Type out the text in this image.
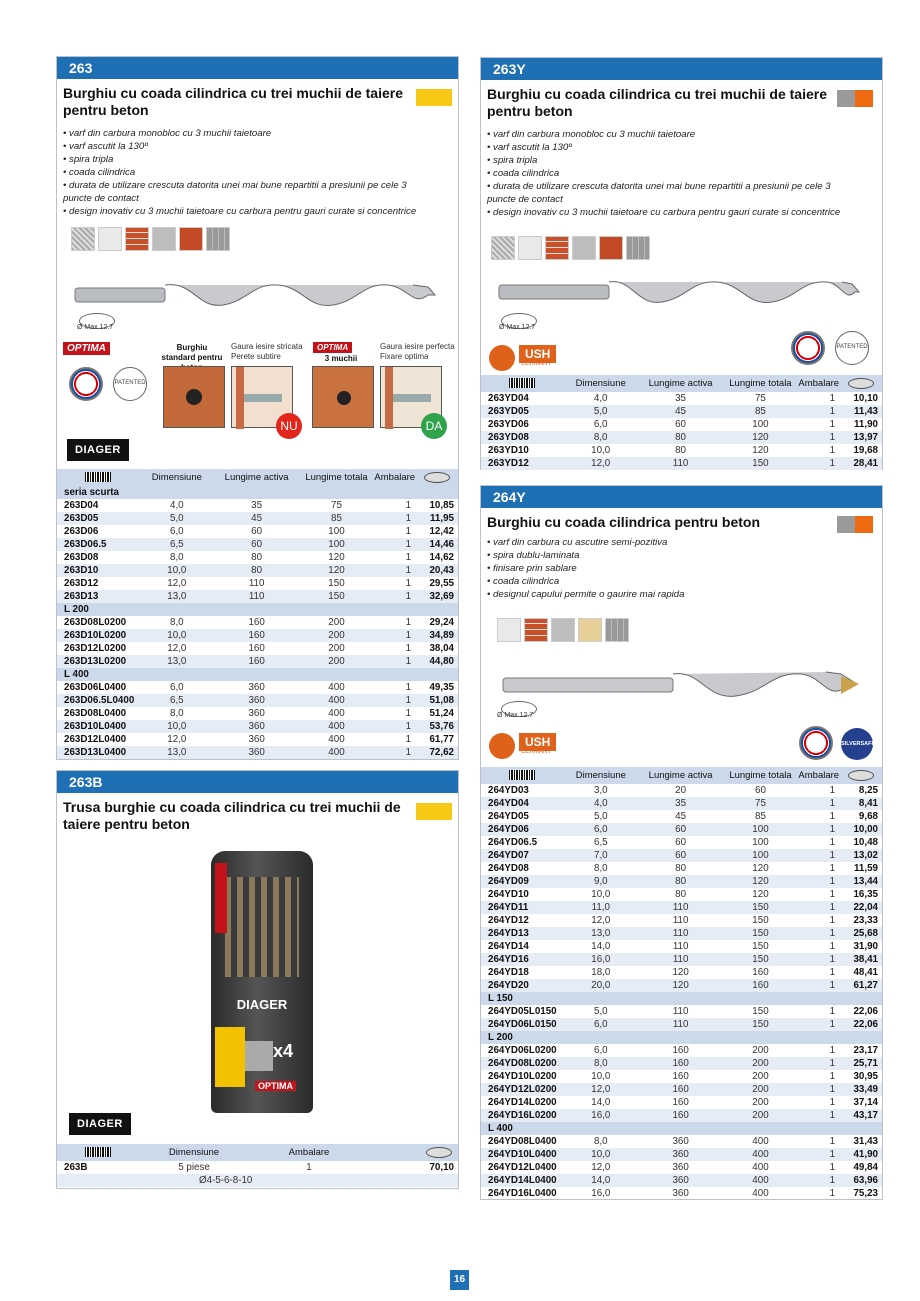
263
Burghiu cu coada cilindrica cu trei muchii de taiere pentru beton
• varf din carbura monobloc cu 3 muchii taietoare
• varf ascutit la 130º
• spira tripla
• coada cilindrica
• durata de utilizare crescuta datorita unei mai bune repartitii a presiunii pe cele 3 puncte de contact
• design inovativ cu 3 muchii taietoare cu carbura pentru gauri curate si concentrice
Ø Max 12.7
OPTIMA	Burghiu standard pentru
Gaura iesire stricata
Perete subtire
OPTIMA
3 muchii
Gaura iesire perfecta
Fixare optima
PATENTED
NU	DA
DIAGER
	Dimensiune	Lungime activa	Lungime totala	Ambalare	
seria scurta					
263D04	4,0	35	75	1	10,85
263D05	5,0	45	85	1	11,95
263D06	6,0	60	100	1	12,42
263D06.5	6,5	60	100	1	14,46
263D08	8,0	80	120	1	14,62
263D10	10,0	80	120	1	20,43
263D12	12,0	110	150	1	29,55
263D13	13,0	110	150	1	32,69
L 200					
263D08L0200	8,0	160	200	1	29,24
263D10L0200	10,0	160	200	1	34,89
263D12L0200	12,0	160	200	1	38,04
263D13L0200	13,0	160	200	1	44,80
L 400					
263D06L0400	6,0	360	400	1	49,35
263D06.5L0400	6,5	360	400	1	51,08
263D08L0400	8,0	360	400	1	51,24
263D10L0400	10,0	360	400	1	53,76
263D12L0400	12,0	360	400	1	61,77
263D13L0400	13,0	360	400	1	72,62
263B
Trusa burghie cu coada cilindrica cu trei muchii de taiere pentru beton
DIAGER
x4
OPTIMA
DIAGER
	Dimensiune	Ambalare	
263B	5 piese	1	70,10
	Ø4-5-6-8-10		
263Y
Burghiu cu coada cilindrica cu trei muchii de taiere pentru beton
• varf din carbura monobloc cu 3 muchii taietoare
• varf ascutit la 130º
• spira tripla
• coada cilindrica
• durata de utilizare crescuta datorita unei mai bune repartitii a presiunii pe cele 3 puncte de contact
• design inovativ cu 3 muchii taietoare cu carbura pentru gauri curate si concentrice
Ø Max 12.7
USH
GERMANY
PATENTED
	Dimensiune	Lungime activa	Lungime totala	Ambalare	
263YD04	4,0	35	75	1	10,10
263YD05	5,0	45	85	1	11,43
263YD06	6,0	60	100	1	11,90
263YD08	8,0	80	120	1	13,97
263YD10	10,0	80	120	1	19,68
263YD12	12,0	110	150	1	28,41
264Y
Burghiu cu coada cilindrica pentru beton
• varf din carbura cu ascutire semi-pozitiva
• spira dublu-laminata
• finisare prin sablare
• coada cilindrica
• designul capului permite o gaurire mai rapida
Ø Max 12.7
USH
GERMANY
SILVERSAFE
	Dimensiune	Lungime activa	Lungime totala	Ambalare	
264YD03	3,0	20	60	1	8,25
264YD04	4,0	35	75	1	8,41
264YD05	5,0	45	85	1	9,68
264YD06	6,0	60	100	1	10,00
264YD06.5	6,5	60	100	1	10,48
264YD07	7,0	60	100	1	13,02
264YD08	8,0	80	120	1	11,59
264YD09	9,0	80	120	1	13,44
264YD10	10,0	80	120	1	16,35
264YD11	11,0	110	150	1	22,04
264YD12	12,0	110	150	1	23,33
264YD13	13,0	110	150	1	25,68
264YD14	14,0	110	150	1	31,90
264YD16	16,0	110	150	1	38,41
264YD18	18,0	120	160	1	48,41
264YD20	20,0	120	160	1	61,27
L 150					
264YD05L0150	5,0	110	150	1	22,06
264YD06L0150	6,0	110	150	1	22,06
L 200					
264YD06L0200	6,0	160	200	1	23,17
264YD08L0200	8,0	160	200	1	25,71
264YD10L0200	10,0	160	200	1	30,95
264YD12L0200	12,0	160	200	1	33,49
264YD14L0200	14,0	160	200	1	37,14
264YD16L0200	16,0	160	200	1	43,17
L 400					
264YD08L0400	8,0	360	400	1	31,43
264YD10L0400	10,0	360	400	1	41,90
264YD12L0400	12,0	360	400	1	49,84
264YD14L0400	14,0	360	400	1	63,96
264YD16L0400	16,0	360	400	1	75,23
16
